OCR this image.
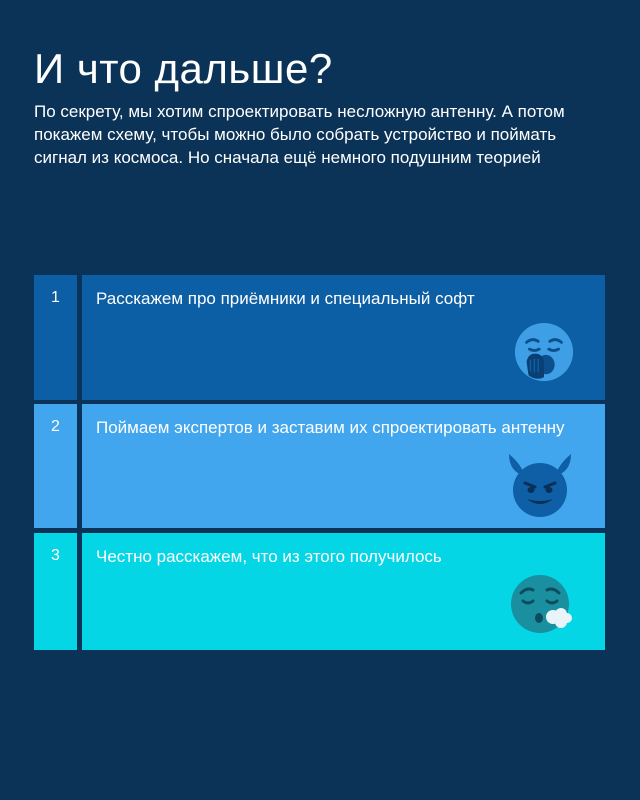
И что дальше?

По секрету, мы хотим спроектировать несложную антенну. А потом покажем схему, чтобы можно было собрать устройство и поймать сигнал из космоса. Но сначала ещё немного подушним теорией

1	Расскажем про приёмники и специальный софт
2	Поймаем экспертов и заставим их спроектировать антенну
3	Честно расскажем, что из этого получилось
